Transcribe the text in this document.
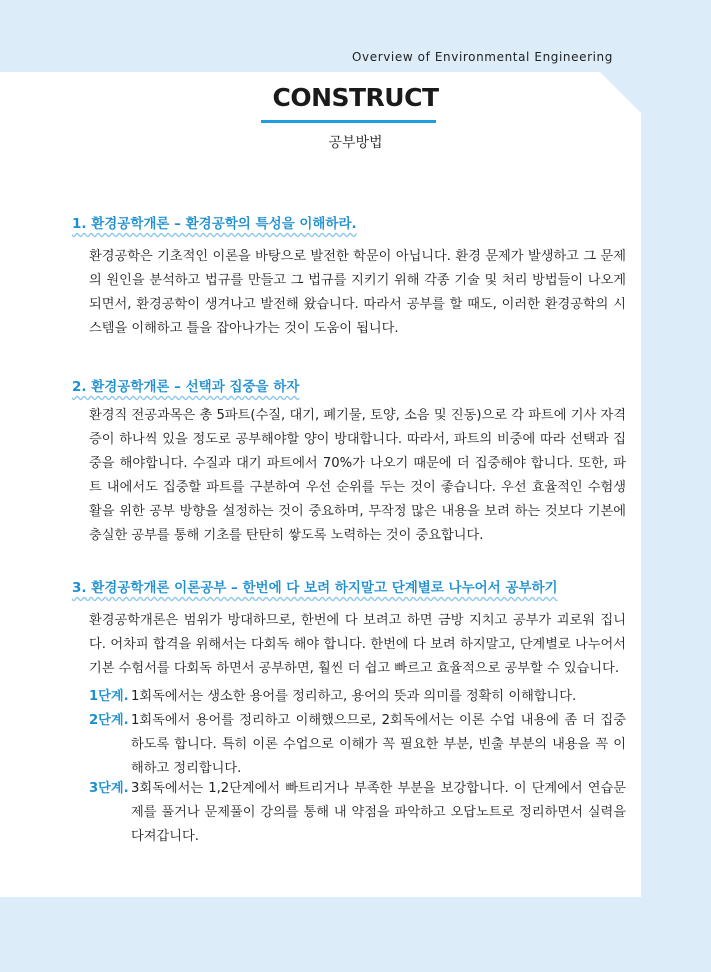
Overview of Environmental Engineering
CONSTRUCT
공부방법
1. 환경공학개론 – 환경공학의 특성을 이해하라.
환경공학은 기초적인 이론을 바탕으로 발전한 학문이 아닙니다. 환경 문제가 발생하고 그 문제의 원인을 분석하고 법규를 만들고 그 법규를 지키기 위해 각종 기술 및 처리 방법들이 나오게 되면서, 환경공학이 생겨나고 발전해 왔습니다. 따라서 공부를 할 때도, 이러한 환경공학의 시스템을 이해하고 틀을 잡아나가는 것이 도움이 됩니다.
2. 환경공학개론 – 선택과 집중을 하자
환경직 전공과목은 총 5파트(수질, 대기, 폐기물, 토양, 소음 및 진동)으로 각 파트에 기사 자격증이 하나씩 있을 정도로 공부해야할 양이 방대합니다. 따라서, 파트의 비중에 따라 선택과 집중을 해야합니다. 수질과 대기 파트에서 70%가 나오기 때문에 더 집중해야 합니다. 또한, 파트 내에서도 집중할 파트를 구분하여 우선 순위를 두는 것이 좋습니다. 우선 효율적인 수험생활을 위한 공부 방향을 설정하는 것이 중요하며, 무작정 많은 내용을 보려 하는 것보다 기본에 충실한 공부를 통해 기초를 탄탄히 쌓도록 노력하는 것이 중요합니다.
3. 환경공학개론 이론공부 – 한번에 다 보려 하지말고 단계별로 나누어서 공부하기
환경공학개론은 범위가 방대하므로, 한번에 다 보려고 하면 금방 지치고 공부가 괴로워 집니다. 어차피 합격을 위해서는 다회독 해야 합니다. 한번에 다 보려 하지말고, 단계별로 나누어서 기본 수험서를 다회독 하면서 공부하면, 훨씬 더 쉽고 빠르고 효율적으로 공부할 수 있습니다.
1단계. 1회독에서는 생소한 용어를 정리하고, 용어의 뜻과 의미를 정확히 이해합니다.
2단계. 1회독에서 용어를 정리하고 이해했으므로, 2회독에서는 이론 수업 내용에 좀 더 집중하도록 합니다. 특히 이론 수업으로 이해가 꼭 필요한 부분, 빈출 부분의 내용을 꼭 이해하고 정리합니다.
3단계. 3회독에서는 1,2단계에서 빠트리거나 부족한 부분을 보강합니다. 이 단계에서 연습문제를 풀거나 문제풀이 강의를 통해 내 약점을 파악하고 오답노트로 정리하면서 실력을 다져갑니다.
